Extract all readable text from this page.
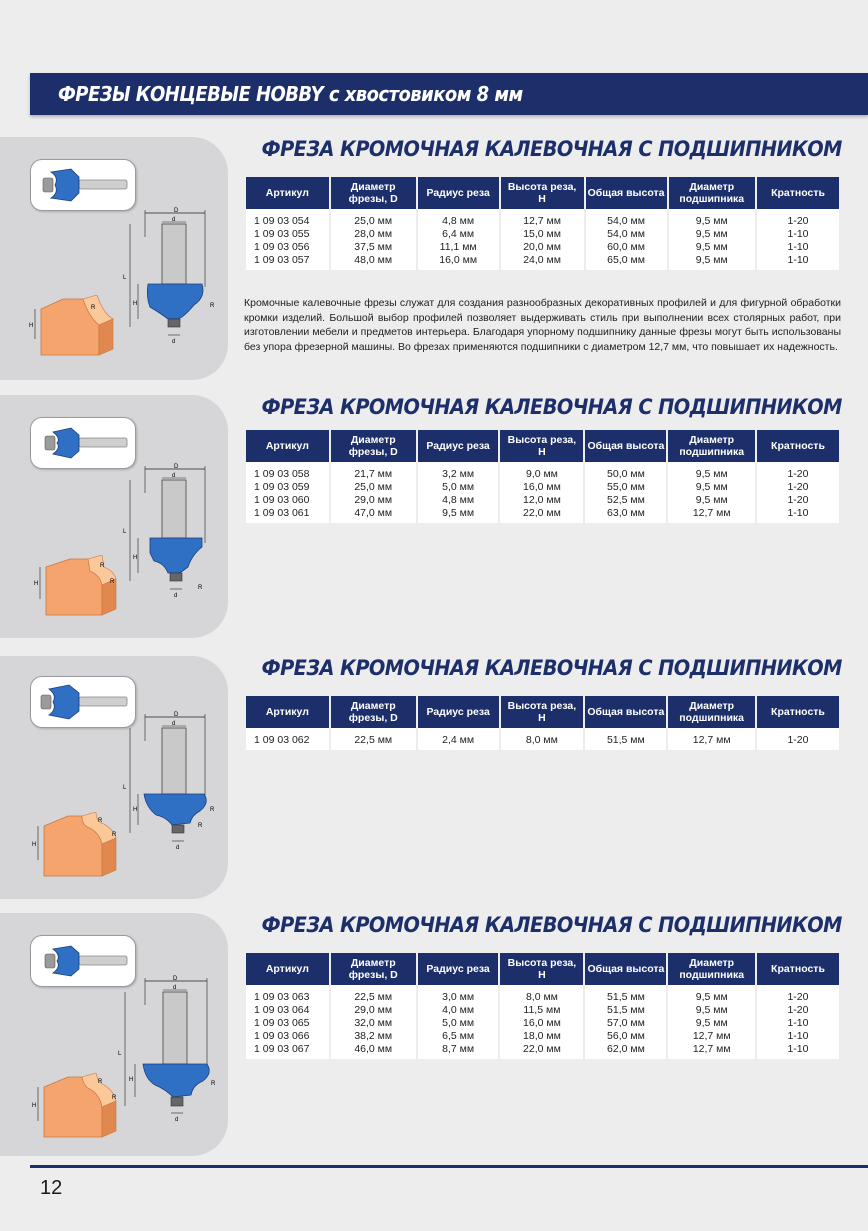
ФРЕЗЫ КОНЦЕВЫЕ HOBBY с хвостовиком 8 мм
D
d
L
H	R
d
H
R
ФРЕЗА КРОМОЧНАЯ КАЛЕВОЧНАЯ С ПОДШИПНИКОМ
Артикул	Диаметр фрезы, D	Радиус реза	Высота реза, H	Общая высота	Диаметр подшипника	Кратность
1 09 03 054	25,0 мм	4,8 мм	12,7 мм	54,0 мм	9,5 мм	1-20
1 09 03 055	28,0 мм	6,4 мм	15,0 мм	54,0 мм	9,5 мм	1-10
1 09 03 056	37,5 мм	11,1 мм	20,0 мм	60,0 мм	9,5 мм	1-10
1 09 03 057	48,0 мм	16,0 мм	24,0 мм	65,0 мм	9,5 мм	1-10
Кромочные калевочные фрезы служат для создания разнообразных декоративных профилей и для фигурной обработки кромки изделий. Большой выбор профилей позволяет выдерживать стиль при выполнении всех столярных работ, при изготовлении мебели и предметов интерьера. Благодаря упорному подшипнику данные фрезы могут быть использованы без упора фрезерной машины. Во фрезах применяются подшипники с диаметром 12,7 мм, что повышает их надежность.
D
d
L
H
R
d
H
R
R
ФРЕЗА КРОМОЧНАЯ КАЛЕВОЧНАЯ С ПОДШИПНИКОМ
Артикул	Диаметр фрезы, D	Радиус реза	Высота реза, H	Общая высота	Диаметр подшипника	Кратность
1 09 03 058	21,7 мм	3,2 мм	9,0 мм	50,0 мм	9,5 мм	1-20
1 09 03 059	25,0 мм	5,0 мм	16,0 мм	55,0 мм	9,5 мм	1-20
1 09 03 060	29,0 мм	4,8 мм	12,0 мм	52,5 мм	9,5 мм	1-20
1 09 03 061	47,0 мм	9,5 мм	22,0 мм	63,0 мм	12,7 мм	1-10
D
d
L
H	R
R
d
H
R
R
ФРЕЗА КРОМОЧНАЯ КАЛЕВОЧНАЯ С ПОДШИПНИКОМ
Артикул	Диаметр фрезы, D	Радиус реза	Высота реза, H	Общая высота	Диаметр подшипника	Кратность
1 09 03 062	22,5 мм	2,4 мм	8,0 мм	51,5 мм	12,7 мм	1-20
D
d
L
H
R
d
H
R
R
ФРЕЗА КРОМОЧНАЯ КАЛЕВОЧНАЯ С ПОДШИПНИКОМ
Артикул	Диаметр фрезы, D	Радиус реза	Высота реза, H	Общая высота	Диаметр подшипника	Кратность
1 09 03 063	22,5 мм	3,0 мм	8,0 мм	51,5 мм	9,5 мм	1-20
1 09 03 064	29,0 мм	4,0 мм	11,5 мм	51,5 мм	9,5 мм	1-20
1 09 03 065	32,0 мм	5,0 мм	16,0 мм	57,0 мм	9,5 мм	1-10
1 09 03 066	38,2 мм	6,5 мм	18,0 мм	56,0 мм	12,7 мм	1-10
1 09 03 067	46,0 мм	8,7 мм	22,0 мм	62,0 мм	12,7 мм	1-10
12
